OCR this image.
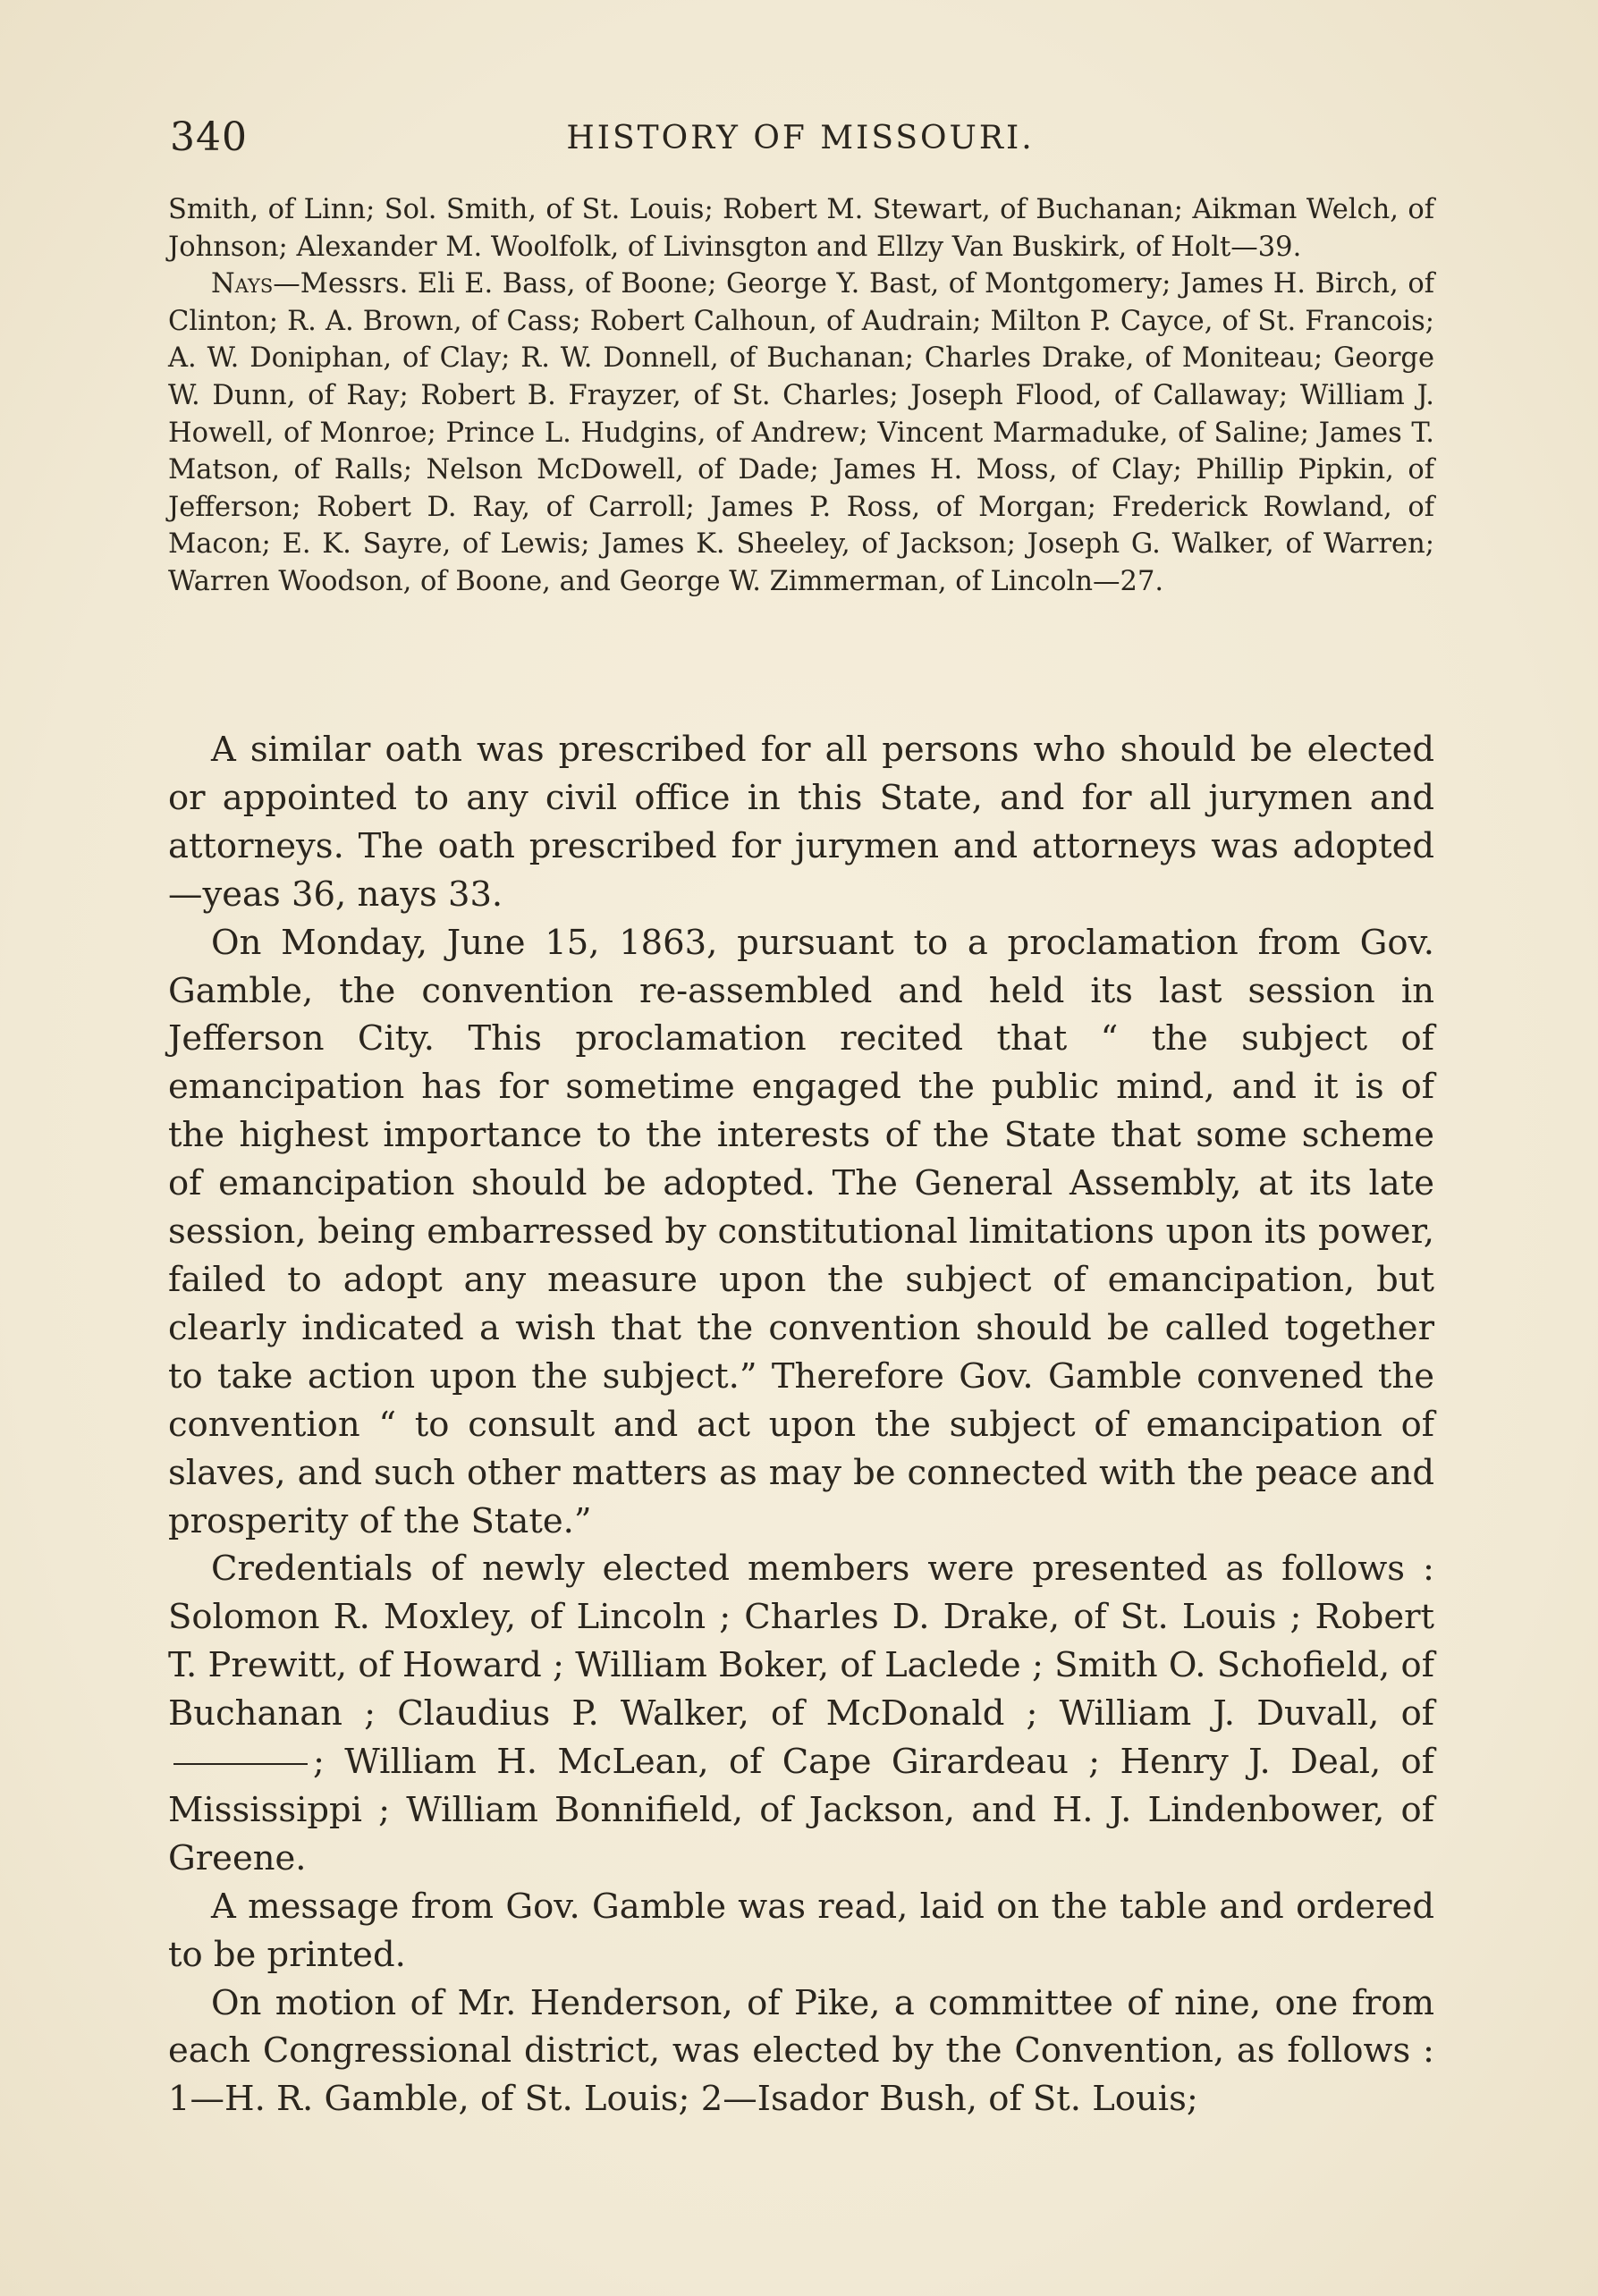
340	HISTORY OF MISSOURI.

Smith, of Linn; Sol. Smith, of St. Louis; Robert M. Stewart, of Buchanan; Aikman Welch, of Johnson; Alexander M. Woolfolk, of Livinsgton and Ellzy Van Buskirk, of Holt—39.

Nays—Messrs. Eli E. Bass, of Boone; George Y. Bast, of Montgomery; James H. Birch, of Clinton; R. A. Brown, of Cass; Robert Calhoun, of Audrain; Milton P. Cayce, of St. Francois; A. W. Doniphan, of Clay; R. W. Donnell, of Buchanan; Charles Drake, of Moniteau; George W. Dunn, of Ray; Robert B. Frayzer, of St. Charles; Joseph Flood, of Callaway; William J. Howell, of Monroe; Prince L. Hudgins, of Andrew; Vincent Marmaduke, of Saline; James T. Matson, of Ralls; Nelson McDowell, of Dade; James H. Moss, of Clay; Phillip Pipkin, of Jefferson; Robert D. Ray, of Carroll; James P. Ross, of Morgan; Frederick Rowland, of Macon; E. K. Sayre, of Lewis; James K. Sheeley, of Jackson; Joseph G. Walker, of Warren; Warren Woodson, of Boone, and George W. Zimmerman, of Lincoln—27.

A similar oath was prescribed for all persons who should be elected or appointed to any civil office in this State, and for all jurymen and attorneys. The oath prescribed for jurymen and attorneys was adopted —yeas 36, nays 33.

On Monday, June 15, 1863, pursuant to a proclamation from Gov. Gamble, the convention re-assembled and held its last session in Jefferson City. This proclamation recited that “ the subject of emancipation has for sometime engaged the public mind, and it is of the highest importance to the interests of the State that some scheme of emancipation should be adopted. The General Assembly, at its late session, being embarressed by constitutional limitations upon its power, failed to adopt any measure upon the subject of emancipation, but clearly indicated a wish that the convention should be called together to take action upon the subject.” Therefore Gov. Gamble convened the convention “ to consult and act upon the subject of emancipation of slaves, and such other matters as may be connected with the peace and prosperity of the State.”

Credentials of newly elected members were presented as follows : Solomon R. Moxley, of Lincoln ; Charles D. Drake, of St. Louis ; Robert T. Prewitt, of Howard ; William Boker, of Laclede ; Smith O. Schofield, of Buchanan ; Claudius P. Walker, of McDonald ; William J. Duvall, of; William H. McLean, of Cape Girardeau ; Henry J. Deal, of Mississippi ; William Bonnifield, of Jackson, and H. J. Lindenbower, of Greene.

A message from Gov. Gamble was read, laid on the table and ordered to be printed.

On motion of Mr. Henderson, of Pike, a committee of nine, one from each Congressional district, was elected by the Convention, as follows : 1—H. R. Gamble, of St. Louis; 2—Isador Bush, of St. Louis;
